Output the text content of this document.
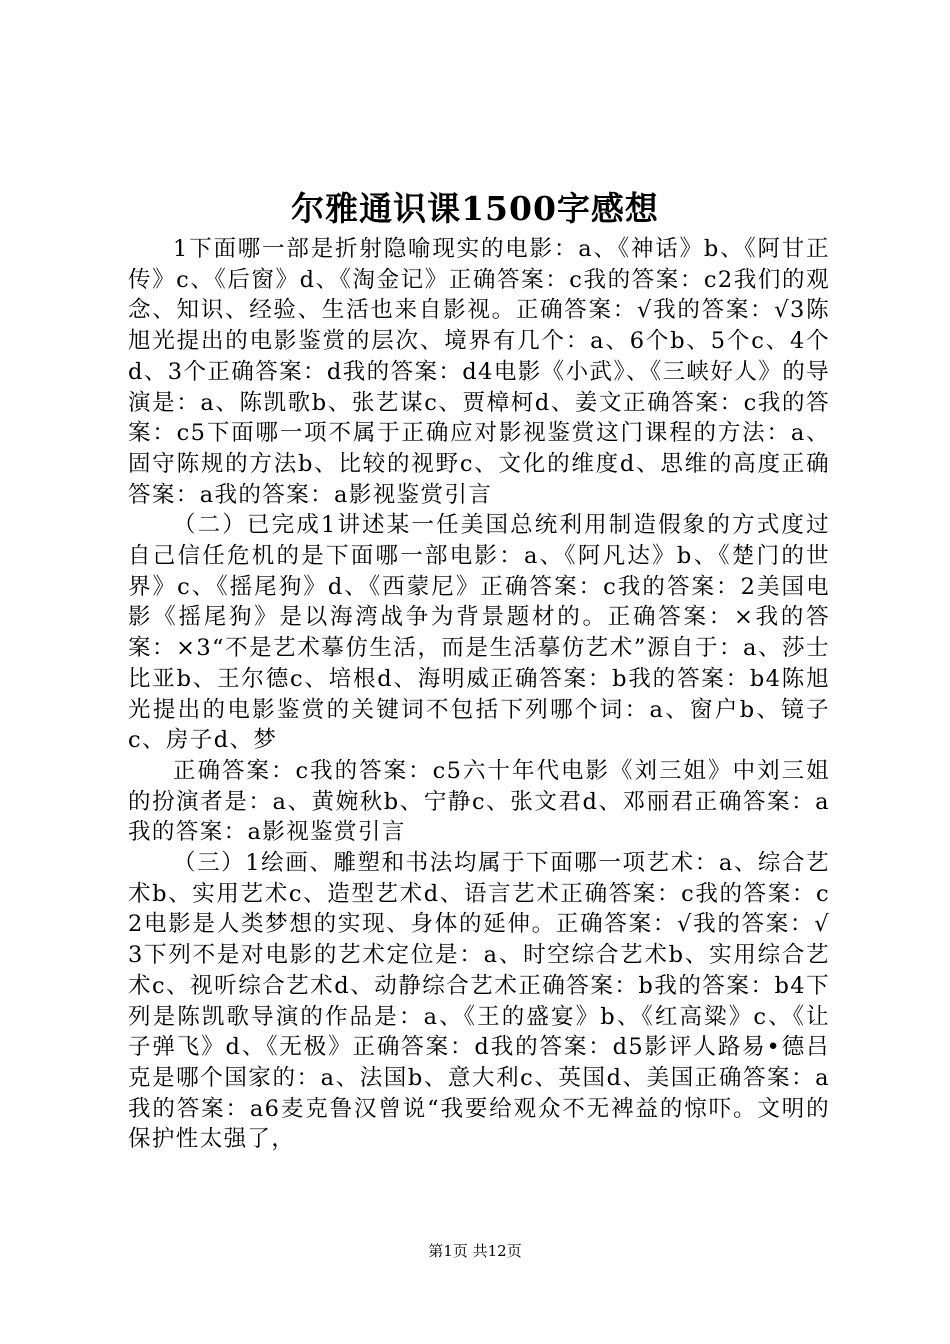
尔雅通识课1500字感想

1下面哪一部是折射隐喻现实的电影：a、《神话》b、《阿甘正传》c、《后窗》d、《淘金记》正确答案：c我的答案：c2我们的观念、知识、经验、生活也来自影视。正确答案：√我的答案：√3陈旭光提出的电影鉴赏的层次、境界有几个：a、6个b、5个c、4个d、3个正确答案：d我的答案：d4电影《小武》、《三峡好人》的导演是：a、陈凯歌b、张艺谋c、贾樟柯d、姜文正确答案：c我的答案：c5下面哪一项不属于正确应对影视鉴赏这门课程的方法：a、固守陈规的方法b、比较的视野c、文化的维度d、思维的高度正确答案：a我的答案：a影视鉴赏引言

（二）已完成1讲述某一任美国总统利用制造假象的方式度过自己信任危机的是下面哪一部电影：a、《阿凡达》b、《楚门的世界》c、《摇尾狗》d、《西蒙尼》正确答案：c我的答案：2美国电影《摇尾狗》是以海湾战争为背景题材的。正确答案：×我的答案：×3“不是艺术摹仿生活，而是生活摹仿艺术”源自于：a、莎士比亚b、王尔德c、培根d、海明威正确答案：b我的答案：b4陈旭光提出的电影鉴赏的关键词不包括下列哪个词：a、窗户b、镜子c、房子d、梦

正确答案：c我的答案：c5六十年代电影《刘三姐》中刘三姐的扮演者是：a、黄婉秋b、宁静c、张文君d、邓丽君正确答案：a我的答案：a影视鉴赏引言

（三）1绘画、雕塑和书法均属于下面哪一项艺术：a、综合艺术b、实用艺术c、造型艺术d、语言艺术正确答案：c我的答案：c2电影是人类梦想的实现、身体的延伸。正确答案：√我的答案：√3下列不是对电影的艺术定位是：a、时空综合艺术b、实用综合艺术c、视听综合艺术d、动静综合艺术正确答案：b我的答案：b4下列是陈凯歌导演的作品是：a、《王的盛宴》b、《红高粱》c、《让子弹飞》d、《无极》正确答案：d我的答案：d5影评人路易•德吕克是哪个国家的：a、法国b、意大利c、英国d、美国正确答案：a我的答案：a6麦克鲁汉曾说“我要给观众不无裨益的惊吓。文明的保护性太强了，

第1页 共12页
